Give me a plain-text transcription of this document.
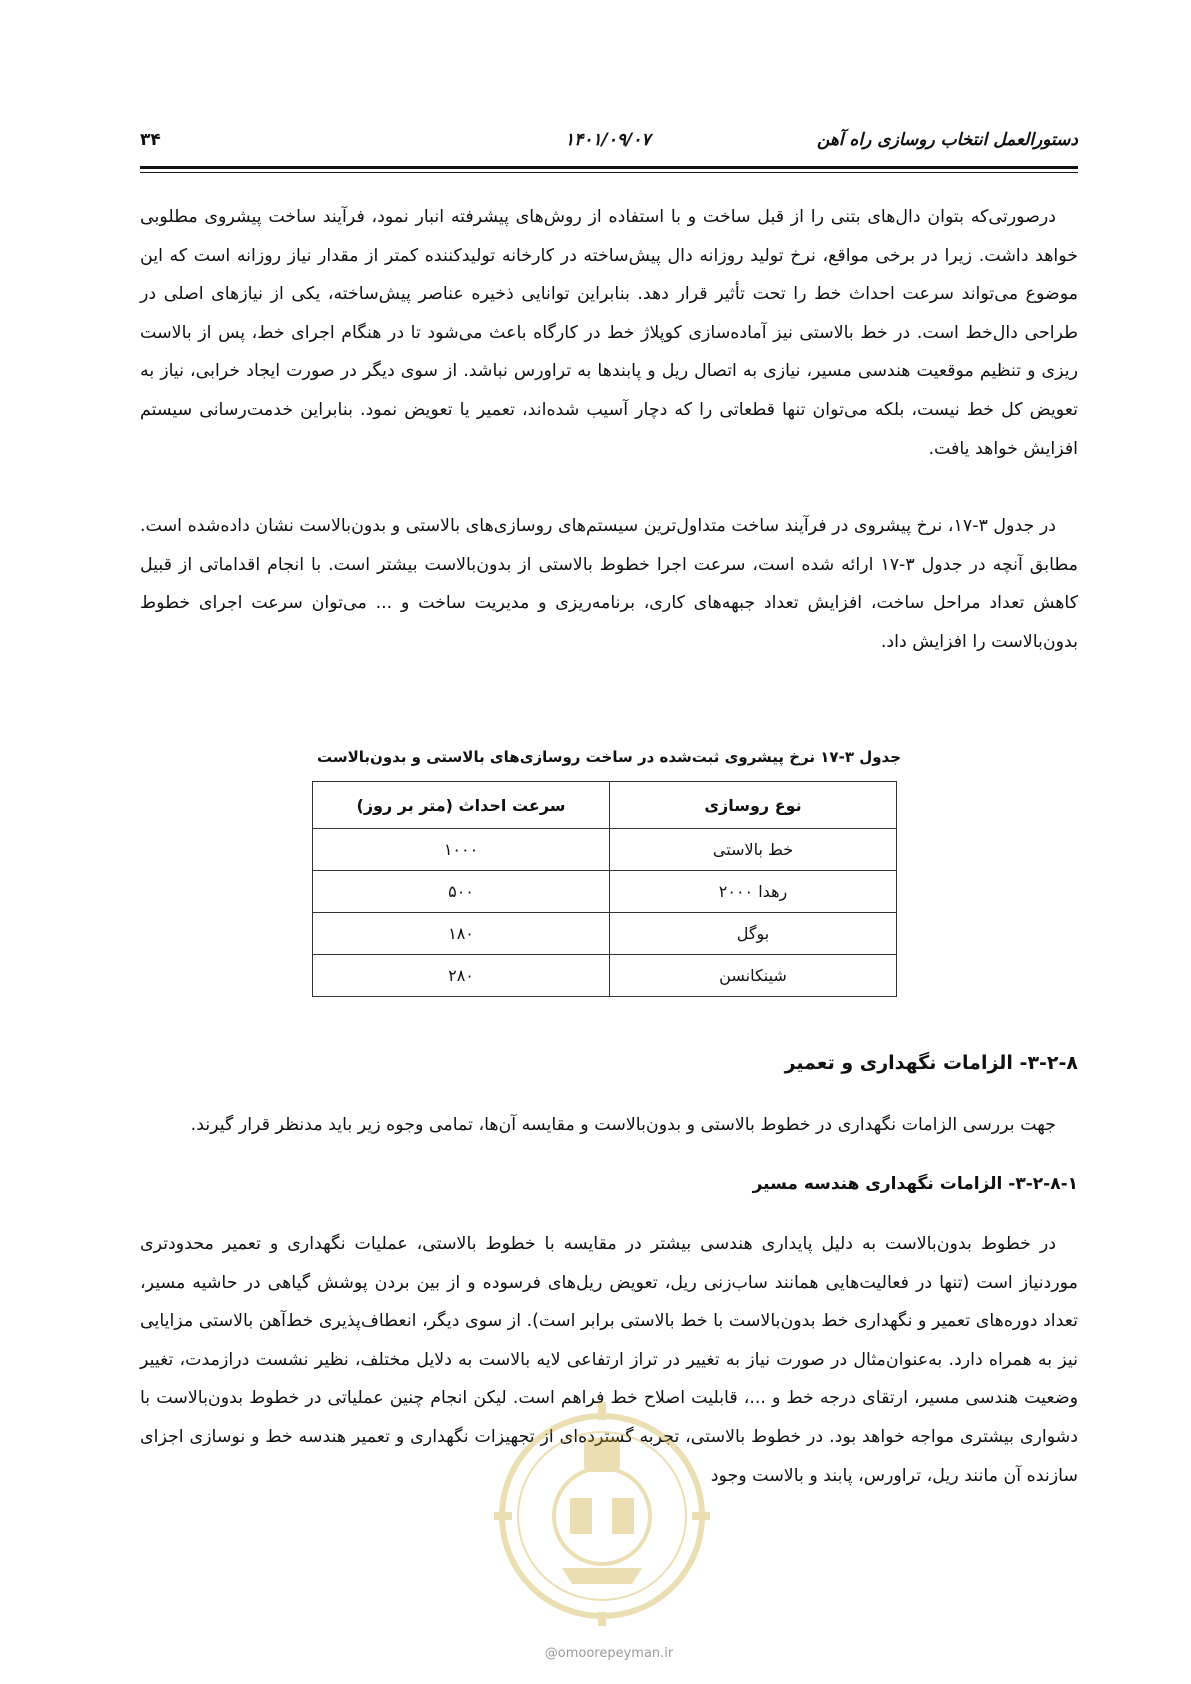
دستورالعمل انتخاب روسازی راه آهن
۱۴۰۱/۰۹/۰۷
۳۴
درصورتی‌که بتوان دال‌های بتنی را از قبل ساخت و با استفاده از روش‌های پیشرفته انبار نمود، فرآیند ساخت پیشروی مطلوبی خواهد داشت. زیرا در برخی مواقع، نرخ تولید روزانه دال پیش‌ساخته در کارخانه تولیدکننده کمتر از مقدار نیاز روزانه است که این موضوع می‌تواند سرعت احداث خط را تحت تأثیر قرار دهد. بنابراین توانایی ذخیره عناصر پیش‌ساخته، یکی از نیازهای اصلی در طراحی دال‌خط است. در خط بالاستی نیز آماده‌سازی کوپلاژ خط در کارگاه باعث می‌شود تا در هنگام اجرای خط، پس از بالاست ریزی و تنظیم موقعیت هندسی مسیر، نیازی به اتصال ریل و پابندها به تراورس نباشد. از سوی دیگر در صورت ایجاد خرابی، نیاز به تعویض کل خط نیست، بلکه می‌توان تنها قطعاتی را که دچار آسیب شده‌اند، تعمیر یا تعویض نمود. بنابراین خدمت‌رسانی سیستم افزایش خواهد یافت.
در جدول ۳-۱۷، نرخ پیشروی در فرآیند ساخت متداول‌ترین سیستم‌های روسازی‌های بالاستی و بدون‌بالاست نشان داده‌شده است. مطابق آنچه در جدول ۳-۱۷ ارائه شده است، سرعت اجرا خطوط بالاستی از بدون‌بالاست بیشتر است. با انجام اقداماتی از قبیل کاهش تعداد مراحل ساخت، افزایش تعداد جبهه‌های کاری، برنامه‌ریزی و مدیریت ساخت و ... می‌توان سرعت اجرای خطوط بدون‌بالاست را افزایش داد.
جدول ۳-۱۷ نرخ پیشروی ثبت‌شده در ساخت روسازی‌های بالاستی و بدون‌بالاست
نوع روسازی	سرعت احداث (متر بر روز)
خط بالاستی	۱۰۰۰
رهدا ۲۰۰۰	۵۰۰
بوگل	۱۸۰
شینکانسن	۲۸۰
۳-۲-۸- الزامات نگهداری و تعمیر
جهت بررسی الزامات نگهداری در خطوط بالاستی و بدون‌بالاست و مقایسه آن‌ها، تمامی وجوه زیر باید مدنظر قرار گیرند.
۳-۲-۸-۱- الزامات نگهداری هندسه مسیر
در خطوط بدون‌بالاست به دلیل پایداری هندسی بیشتر در مقایسه با خطوط بالاستی، عملیات نگهداری و تعمیر محدودتری موردنیاز است (تنها در فعالیت‌هایی همانند ساب‌زنی ریل، تعویض ریل‌های فرسوده و از بین بردن پوشش گیاهی در حاشیه مسیر، تعداد دوره‌های تعمیر و نگهداری خط بدون‌بالاست با خط بالاستی برابر است). از سوی دیگر، انعطاف‌پذیری خط‌آهن بالاستی مزایایی نیز به همراه دارد. به‌عنوان‌مثال در صورت نیاز به تغییر در تراز ارتفاعی لایه بالاست به دلایل مختلف، نظیر نشست درازمدت، تغییر وضعیت هندسی مسیر، ارتقای درجه خط و ...، قابلیت اصلاح خط فراهم است. لیکن انجام چنین عملیاتی در خطوط بدون‌بالاست با دشواری بیشتری مواجه خواهد بود. در خطوط بالاستی، تجربه گسترده‌ای از تجهیزات نگهداری و تعمیر هندسه خط و نوسازی اجزای سازنده آن مانند ریل، تراورس، پابند و بالاست وجود
@omoorepeyman.ir
